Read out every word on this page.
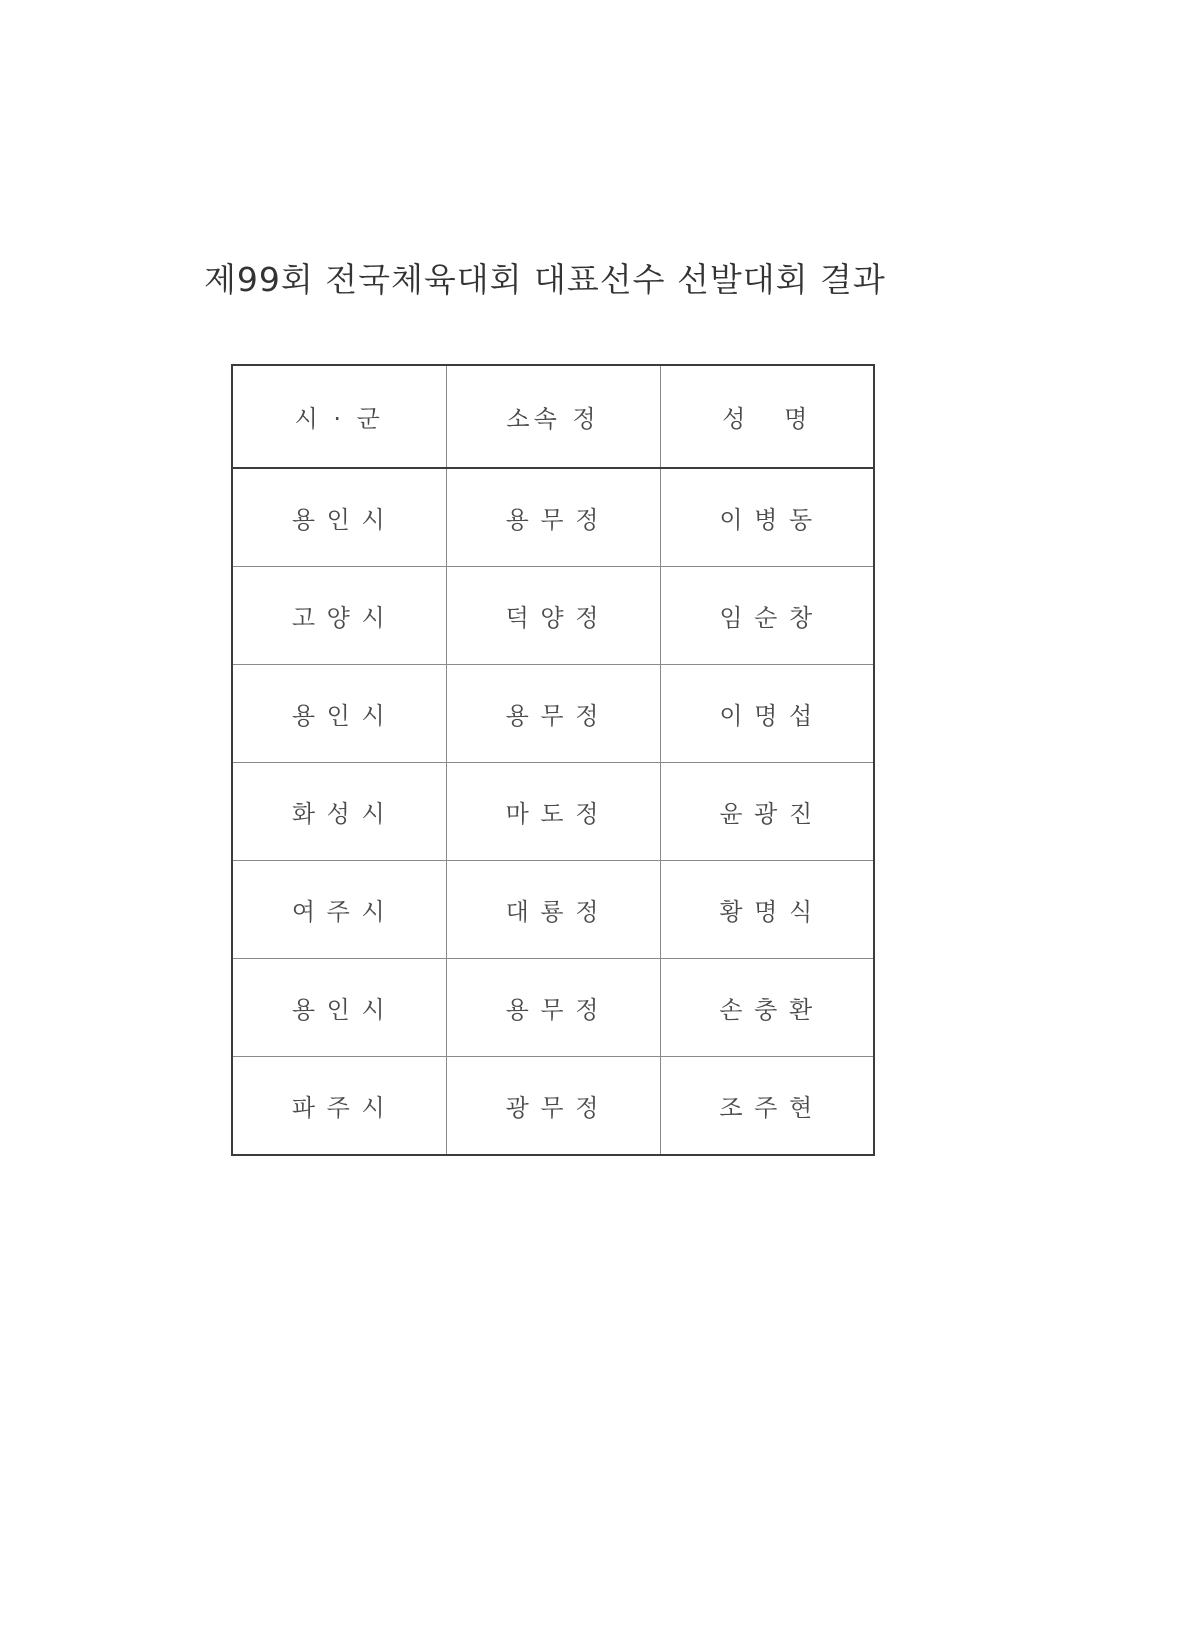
제99회 전국체육대회 대표선수 선발대회 결과
시 · 군	소속 정	성   명
용 인 시	용 무 정	이 병 동
고 양 시	덕 양 정	임 순 창
용 인 시	용 무 정	이 명 섭
화 성 시	마 도 정	윤 광 진
여 주 시	대 룡 정	황 명 식
용 인 시	용 무 정	손 충 환
파 주 시	광 무 정	조 주 현
